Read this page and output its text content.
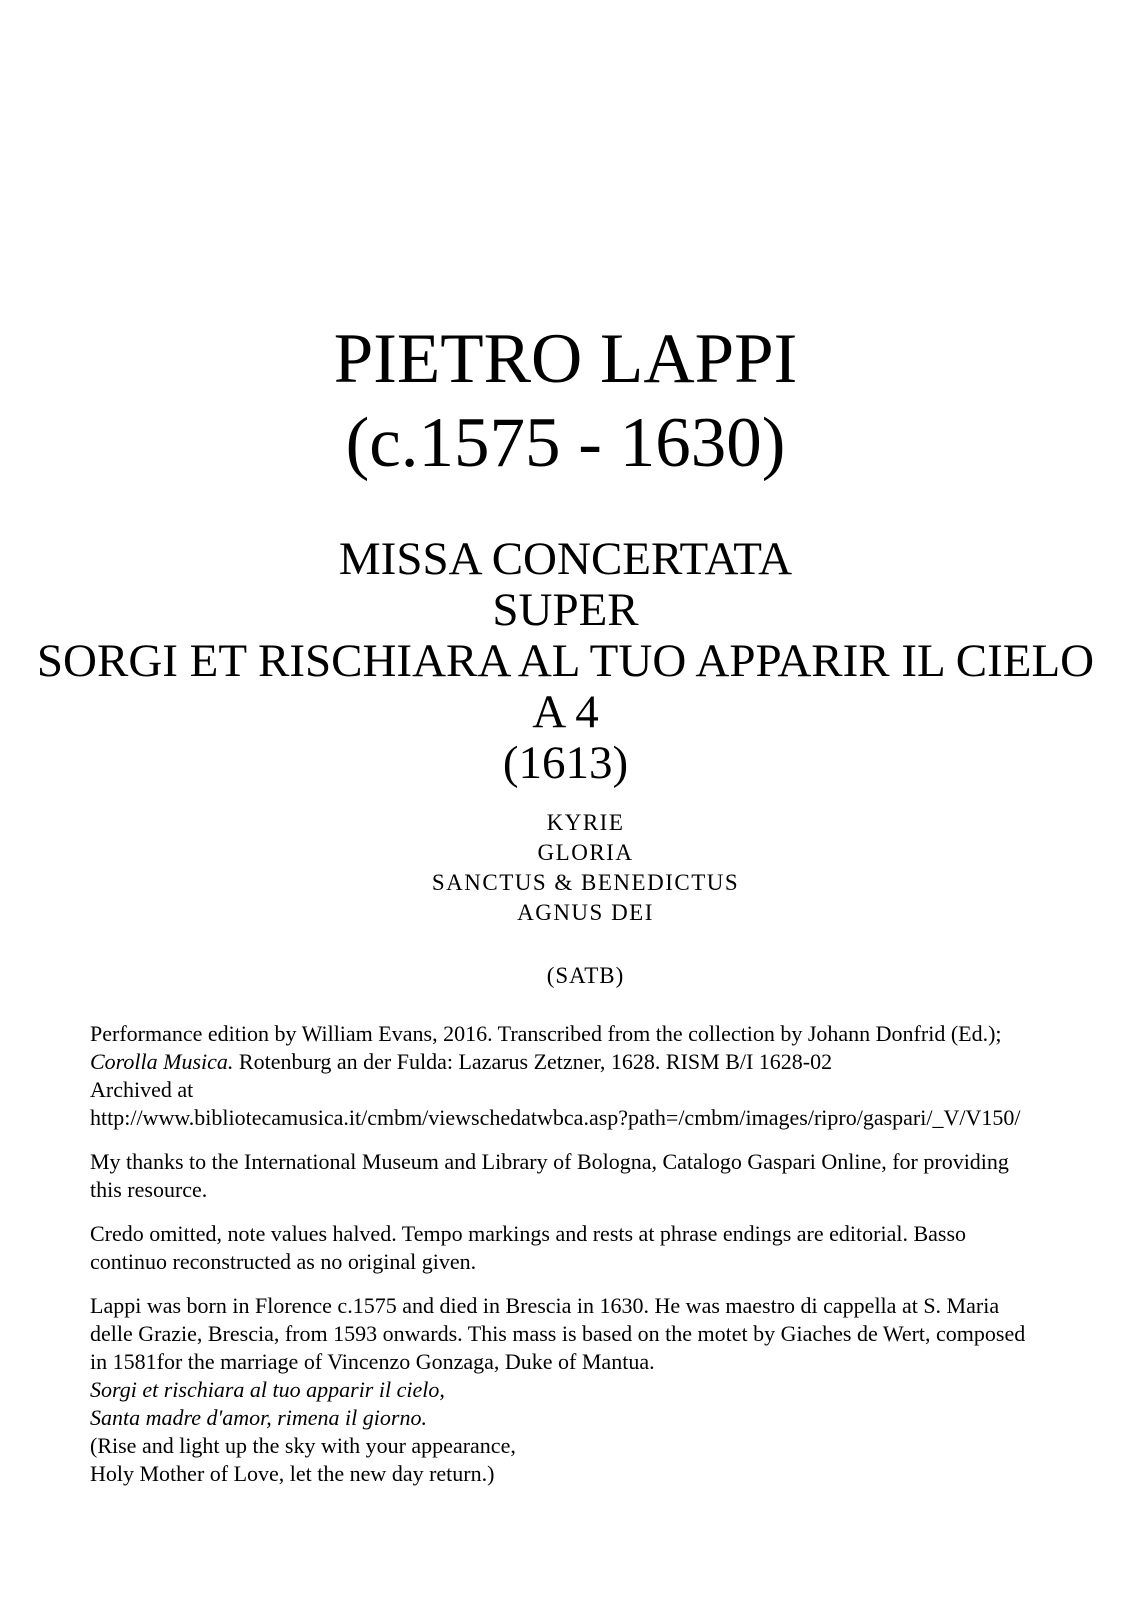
PIETRO LAPPI
(c.1575 - 1630)
MISSA CONCERTATA
SUPER
SORGI ET RISCHIARA AL TUO APPARIR IL CIELO
A 4
(1613)
KYRIE
GLORIA
SANCTUS & BENEDICTUS
AGNUS DEI
(SATB)
Performance edition by William Evans, 2016. Transcribed from the collection by Johann Donfrid (Ed.);
Corolla Musica. Rotenburg an der Fulda: Lazarus Zetzner, 1628. RISM B/I 1628-02
Archived at
http://www.bibliotecamusica.it/cmbm/viewschedatwbca.asp?path=/cmbm/images/ripro/gaspari/_V/V150/
My thanks to the International Museum and Library of Bologna, Catalogo Gaspari Online, for providing
this resource.
Credo omitted, note values halved. Tempo markings and rests at phrase endings are editorial. Basso
continuo reconstructed as no original given.
Lappi was born in Florence c.1575 and died in Brescia in 1630. He was maestro di cappella at S. Maria
delle Grazie, Brescia, from 1593 onwards. This mass is based on the motet by Giaches de Wert, composed
in 1581for the marriage of Vincenzo Gonzaga, Duke of Mantua.
Sorgi et rischiara al tuo apparir il cielo,
Santa madre d'amor, rimena il giorno.
(Rise and light up the sky with your appearance,
Holy Mother of Love, let the new day return.)
